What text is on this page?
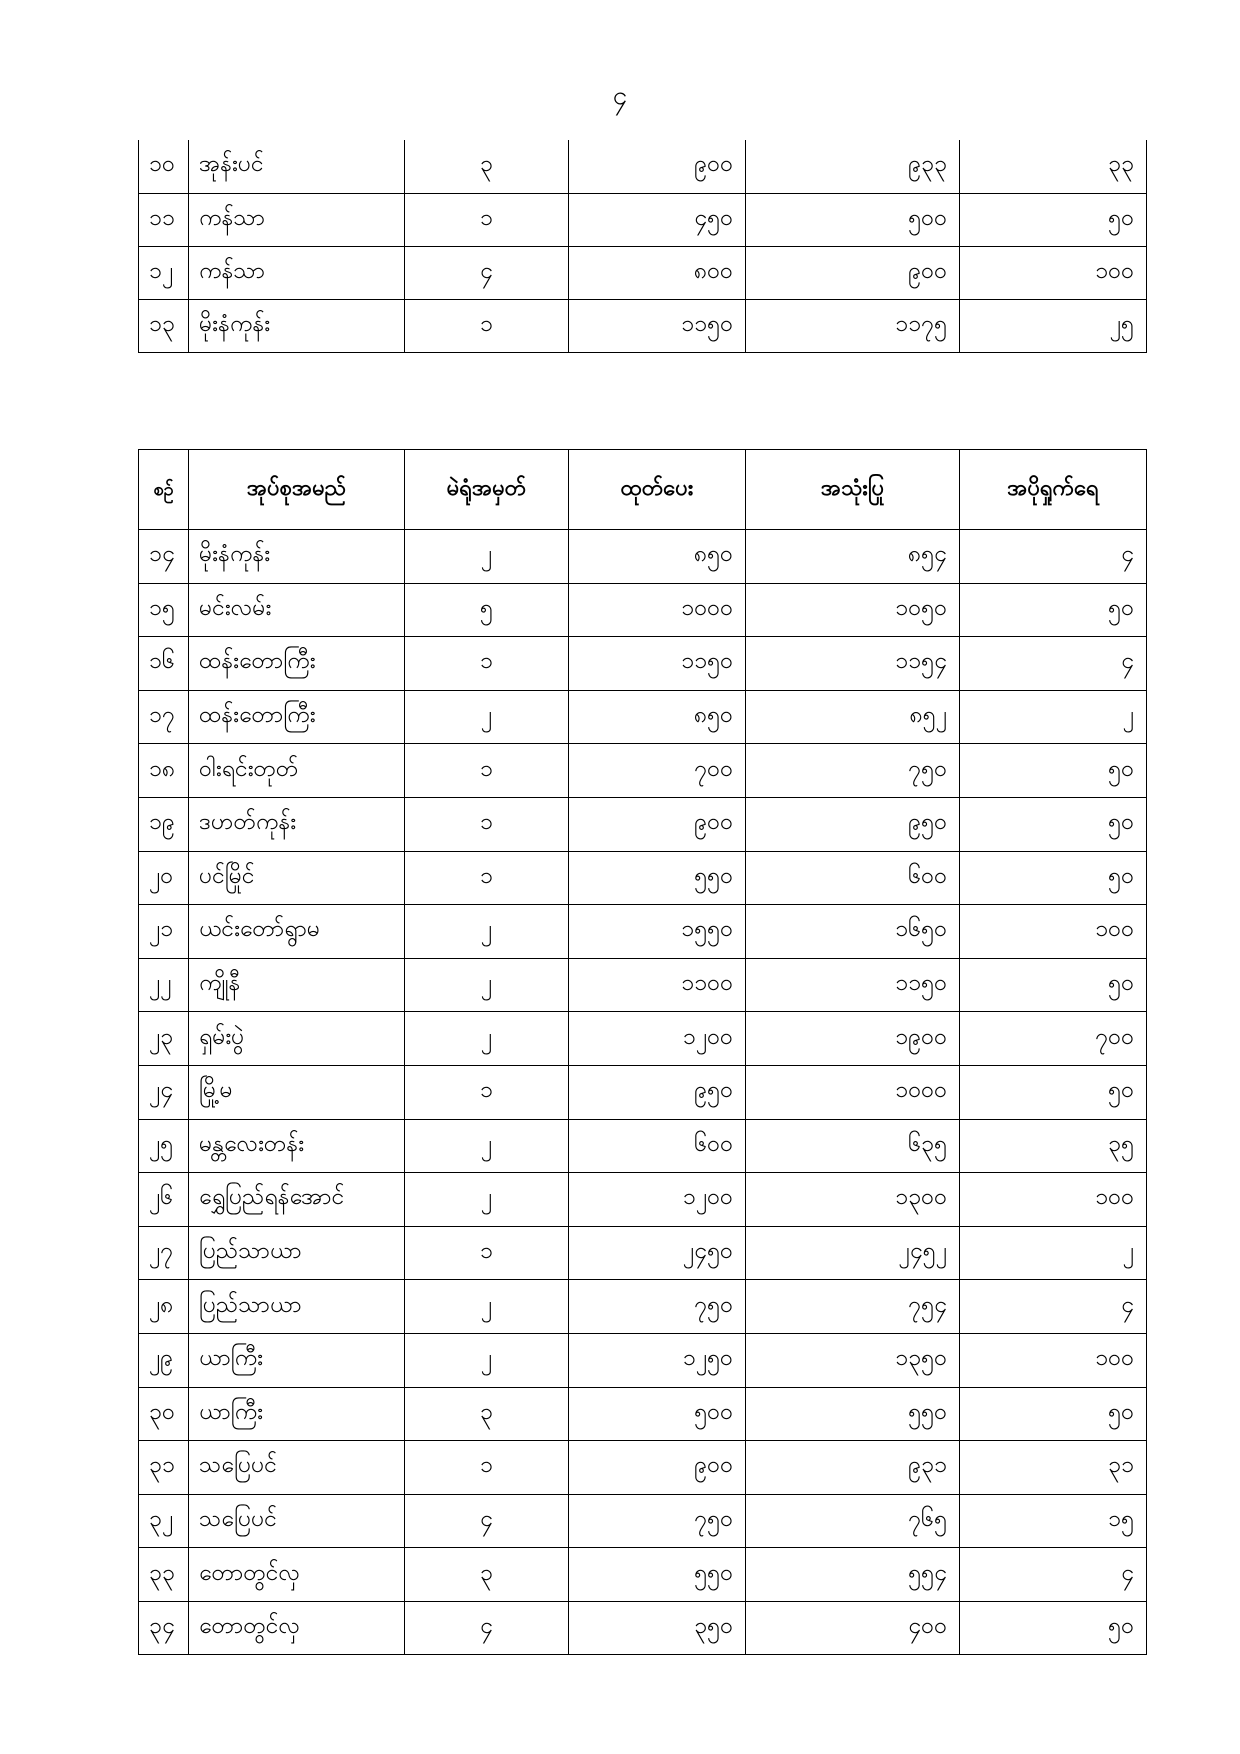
၄
၁၀	အုန်းပင်	၃	၉၀၀	၉၃၃	၃၃
၁၁	ကန်သာ	၁	၄၅၀	၅၀၀	၅၀
၁၂	ကန်သာ	၄	၈၀၀	၉၀၀	၁၀၀
၁၃	မိုးနံကုန်း	၁	၁၁၅၀	၁၁၇၅	၂၅
စဉ်	အုပ်စုအမည်	မဲရုံအမှတ်	ထုတ်ပေး	အသုံးပြု	အပိုရှုက်ရေ
၁၄	မိုးနံကုန်း	၂	၈၅၀	၈၅၄	၄
၁၅	မင်းလမ်း	၅	၁၀၀၀	၁၀၅၀	၅၀
၁၆	ထန်းတောကြီး	၁	၁၁၅၀	၁၁၅၄	၄
၁၇	ထန်းတောကြီး	၂	၈၅၀	၈၅၂	၂
၁၈	ဝါးရင်းတုတ်	၁	၇၀၀	၇၅၀	၅၀
၁၉	ဒဟတ်ကုန်း	၁	၉၀၀	၉၅၀	၅၀
၂၀	ပင်မြိုင်	၁	၅၅၀	၆၀၀	၅၀
၂၁	ယင်းတော်ရွာမ	၂	၁၅၅၀	၁၆၅၀	၁၀၀
၂၂	ကျိုနီ	၂	၁၁၀၀	၁၁၅၀	၅၀
၂၃	ရှမ်းပွဲ	၂	၁၂၀၀	၁၉၀၀	၇၀၀
၂၄	မြို့မ	၁	၉၅၀	၁၀၀၀	၅၀
၂၅	မန္တလေးတန်း	၂	၆၀၀	၆၃၅	၃၅
၂၆	ရွှေပြည်ရန်အောင်	၂	၁၂၀၀	၁၃၀၀	၁၀၀
၂၇	ပြည်သာယာ	၁	၂၄၅၀	၂၄၅၂	၂
၂၈	ပြည်သာယာ	၂	၇၅၀	၇၅၄	၄
၂၉	ယာကြီး	၂	၁၂၅၀	၁၃၅၀	၁၀၀
၃၀	ယာကြီး	၃	၅၀၀	၅၅၀	၅၀
၃၁	သပြေပင်	၁	၉၀၀	၉၃၁	၃၁
၃၂	သပြေပင်	၄	၇၅၀	၇၆၅	၁၅
၃၃	တောတွင်လှ	၃	၅၅၀	၅၅၄	၄
၃၄	တောတွင်လှ	၄	၃၅၀	၄၀၀	၅၀
